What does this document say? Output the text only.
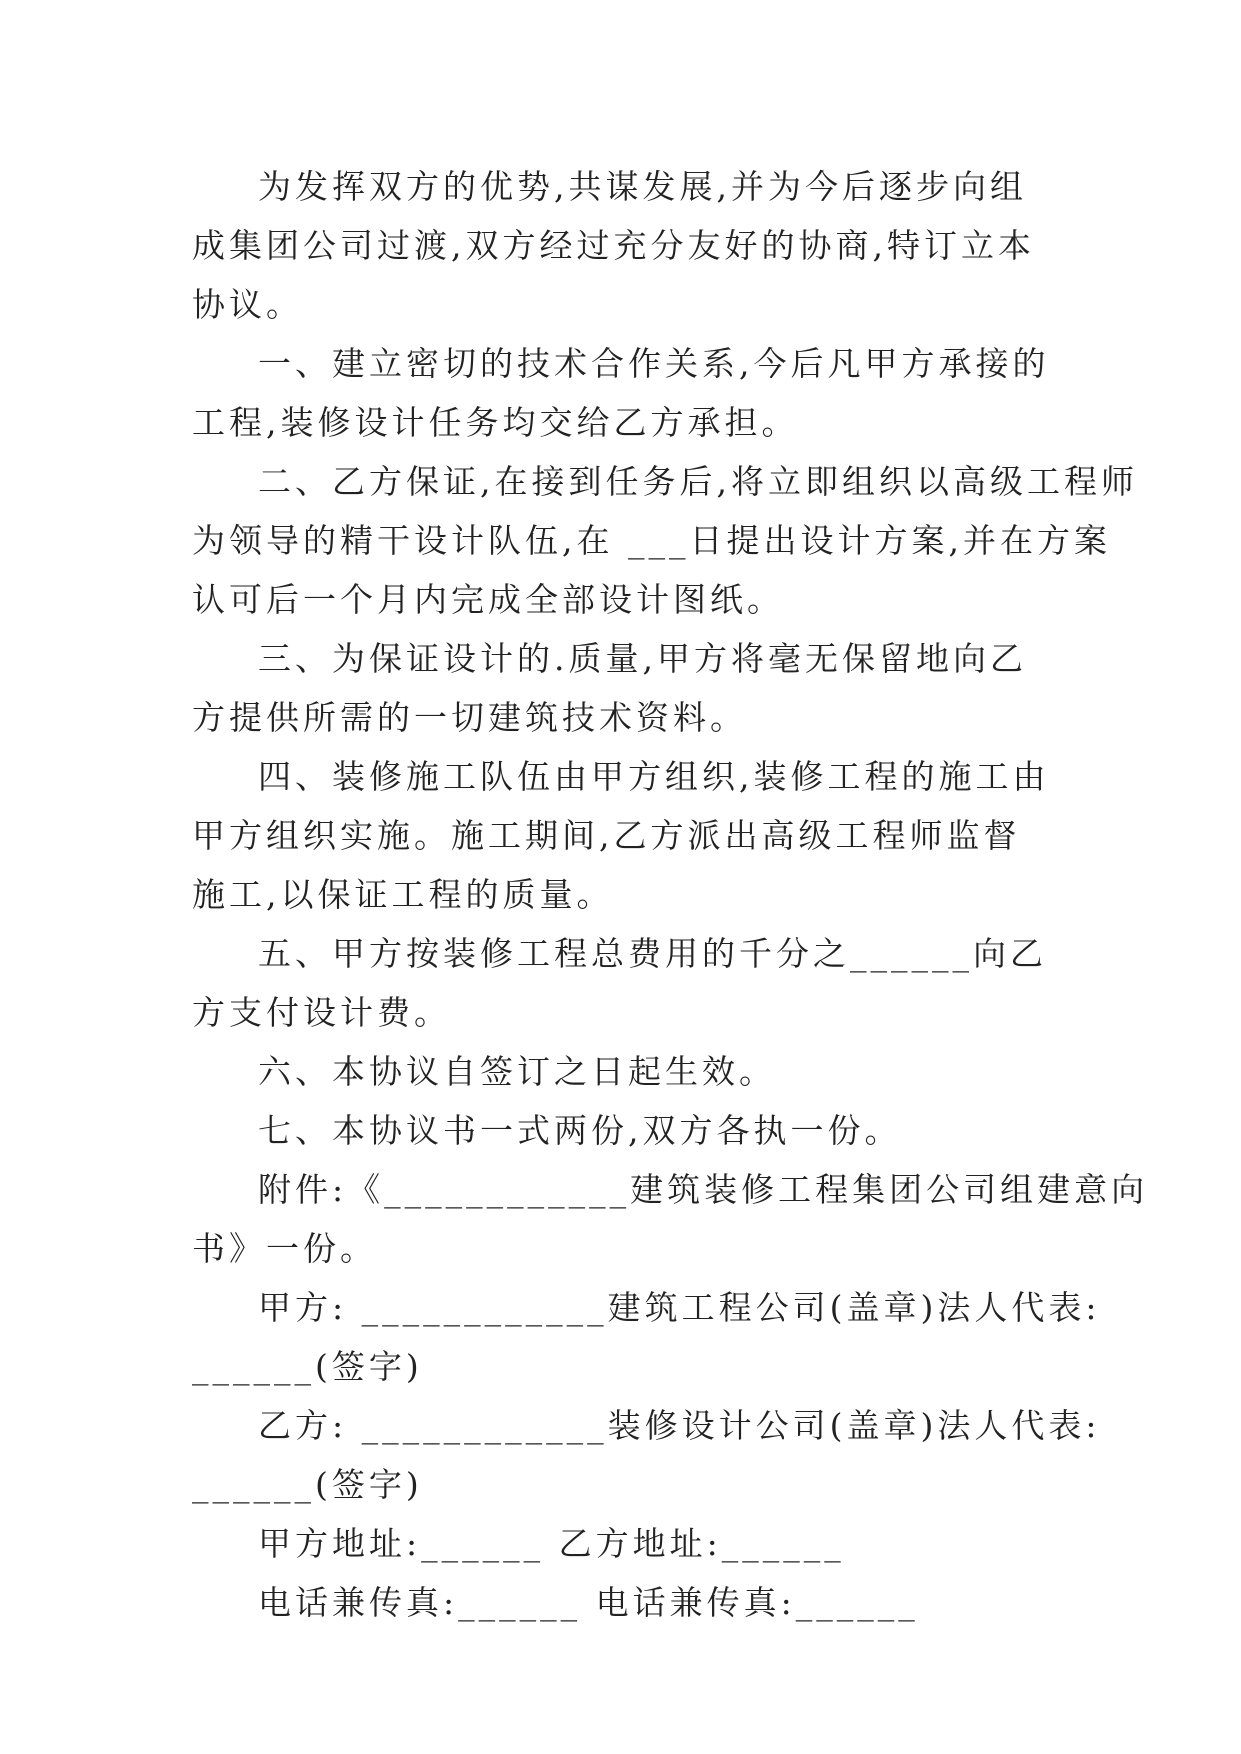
为发挥双方的优势,共谋发展,并为今后逐步向组成集团公司过渡,双方经过充分友好的协商,特订立本协议。

一、建立密切的技术合作关系,今后凡甲方承接的工程,装修设计任务均交给乙方承担。

二、乙方保证,在接到任务后,将立即组织以高级工程师

为领导的精干设计队伍,在 ___日提出设计方案,并在方案

认可后一个月内完成全部设计图纸。

三、为保证设计的.质量,甲方将毫无保留地向乙方提供所需的一切建筑技术资料。

四、装修施工队伍由甲方组织,装修工程的施工由甲方组织实施。施工期间,乙方派出高级工程师监督施工,以保证工程的质量。

五、甲方按装修工程总费用的千分之______向乙方支付设计费。

六、本协议自签订之日起生效。

七、本协议书一式两份,双方各执一份。

附件:《____________建筑装修工程集团公司组建意向

书》一份。

甲方: ____________建筑工程公司(盖章)法人代表:

______(签字)

乙方: ____________装修设计公司(盖章)法人代表:

______(签字)

甲方地址:______ 乙方地址:______

电话兼传真:______ 电话兼传真:______
